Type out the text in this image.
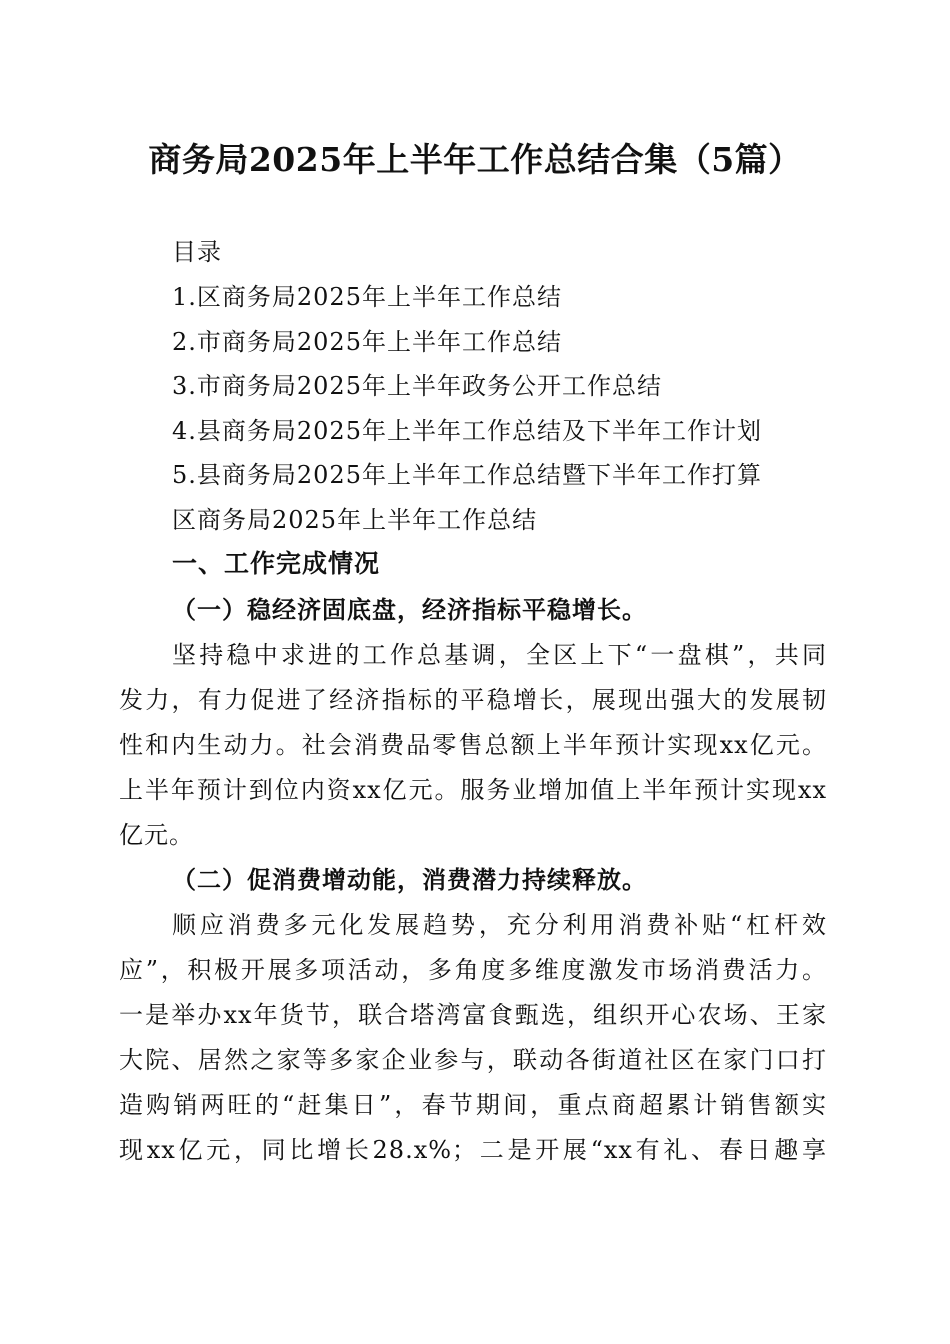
商务局2025年上半年工作总结合集（5篇）
目录
1.区商务局2025年上半年工作总结
2.市商务局2025年上半年工作总结
3.市商务局2025年上半年政务公开工作总结
4.县商务局2025年上半年工作总结及下半年工作计划
5.县商务局2025年上半年工作总结暨下半年工作打算
区商务局2025年上半年工作总结
一、工作完成情况
（一）稳经济固底盘，经济指标平稳增长。
坚持稳中求进的工作总基调，全区上下“一盘棋”，共同
发力，有力促进了经济指标的平稳增长，展现出强大的发展韧
性和内生动力。社会消费品零售总额上半年预计实现xx亿元。
上半年预计到位内资xx亿元。服务业增加值上半年预计实现xx
亿元。
（二）促消费增动能，消费潜力持续释放。
顺应消费多元化发展趋势，充分利用消费补贴“杠杆效
应”，积极开展多项活动，多角度多维度激发市场消费活力。
一是举办xx年货节，联合塔湾富食甄选，组织开心农场、王家
大院、居然之家等多家企业参与，联动各街道社区在家门口打
造购销两旺的“赶集日”，春节期间，重点商超累计销售额实
现xx亿元，同比增长28.x%；二是开展“xx有礼、春日趣享
